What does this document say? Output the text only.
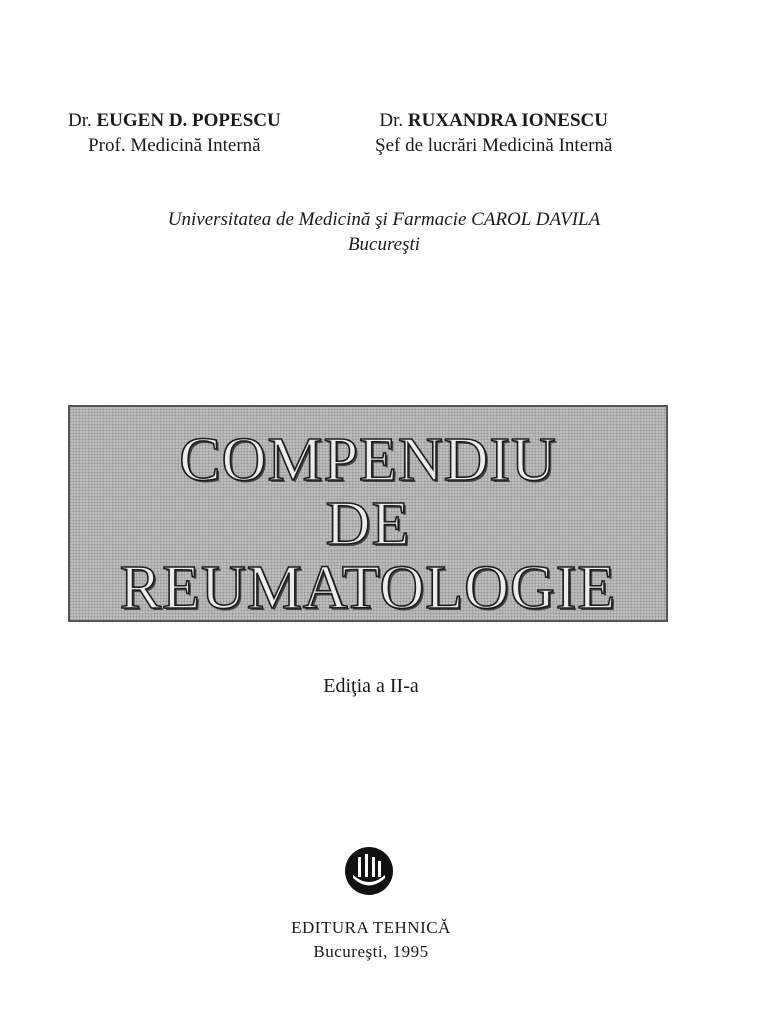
Dr. EUGEN D. POPESCU
Prof. Medicină Internă
Dr. RUXANDRA IONESCU
Şef de lucrări Medicină Internă
Universitatea de Medicină şi Farmacie CAROL DAVILA
Bucureşti
COMPENDIU
DE
REUMATOLOGIE
Ediţia a II-a
EDITURA TEHNICĂ
Bucureşti, 1995
